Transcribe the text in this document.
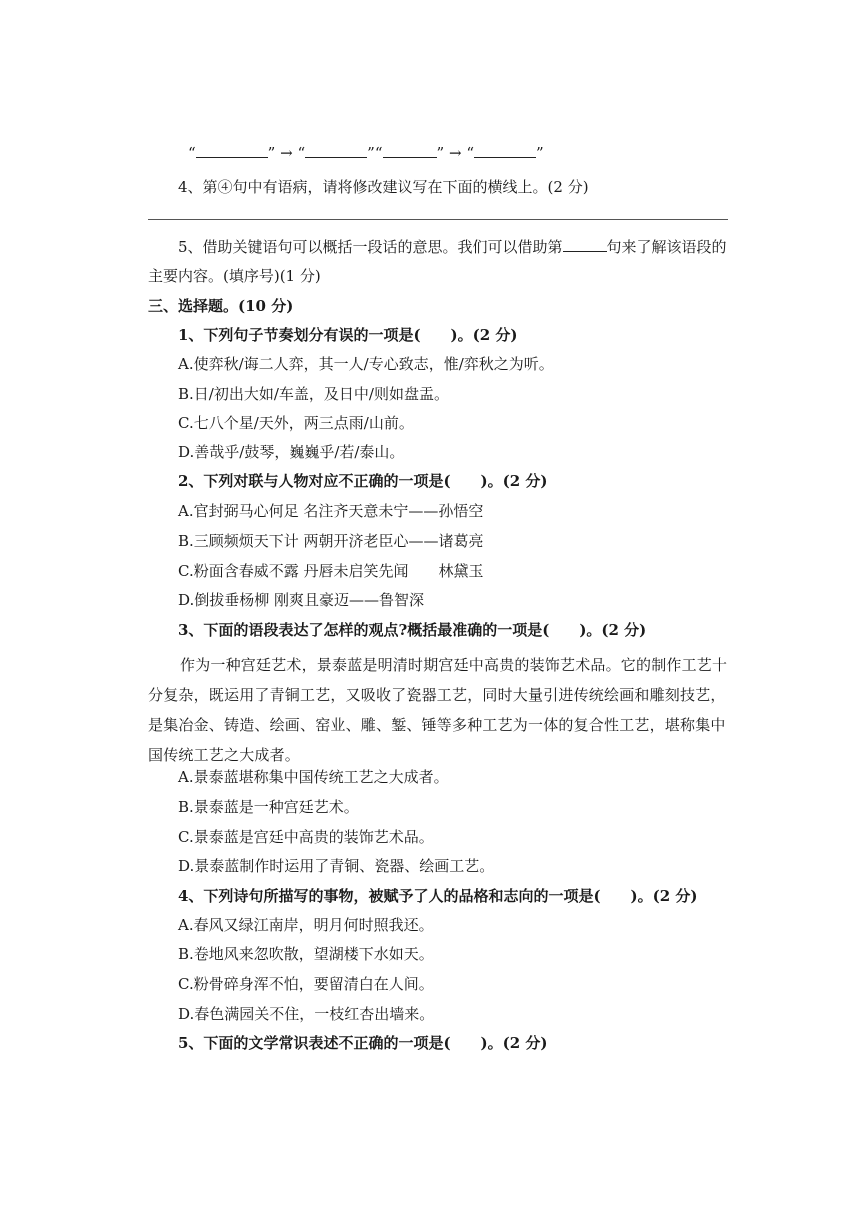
“	” → “	”“	” → “	”
4、第④句中有语病，请将修改建议写在下面的横线上。(2 分)
5、借助关键语句可以概括一段话的意思。我们可以借助第	句来了解该语段的
主要内容。(填序号)(1 分)
三、选择题。(10 分)
1、下列句子节奏划分有误的一项是(　　)。(2 分)
A.使弈秋/诲二人弈，其一人/专心致志，惟/弈秋之为听。
B.日/初出大如/车盖，及日中/则如盘盂。
C.七八个星/天外，两三点雨/山前。
D.善哉乎/鼓琴，巍巍乎/若/泰山。
2、下列对联与人物对应不正确的一项是(　　)。(2 分)
A.官封弼马心何足 名注齐天意未宁——孙悟空
B.三顾频烦天下计 两朝开济老臣心——诸葛亮
C.粉面含春威不露 丹唇未启笑先闻　　林黛玉
D.倒拔垂杨柳 刚爽且豪迈——鲁智深
3、下面的语段表达了怎样的观点?概括最准确的一项是(　　)。(2 分)
作为一种宫廷艺术，景泰蓝是明清时期宫廷中高贵的装饰艺术品。它的制作工艺十分复杂，既运用了青铜工艺，又吸收了瓷器工艺，同时大量引进传统绘画和雕刻技艺，是集冶金、铸造、绘画、窑业、雕、錾、锤等多种工艺为一体的复合性工艺，堪称集中国传统工艺之大成者。
A.景泰蓝堪称集中国传统工艺之大成者。
B.景泰蓝是一种宫廷艺术。
C.景泰蓝是宫廷中高贵的装饰艺术品。
D.景泰蓝制作时运用了青铜、瓷器、绘画工艺。
4、下列诗句所描写的事物，被赋予了人的品格和志向的一项是(　　)。(2 分)
A.春风又绿江南岸，明月何时照我还。
B.卷地风来忽吹散，望湖楼下水如天。
C.粉骨碎身浑不怕，要留清白在人间。
D.春色满园关不住，一枝红杏出墙来。
5、下面的文学常识表述不正确的一项是(　　)。(2 分)
